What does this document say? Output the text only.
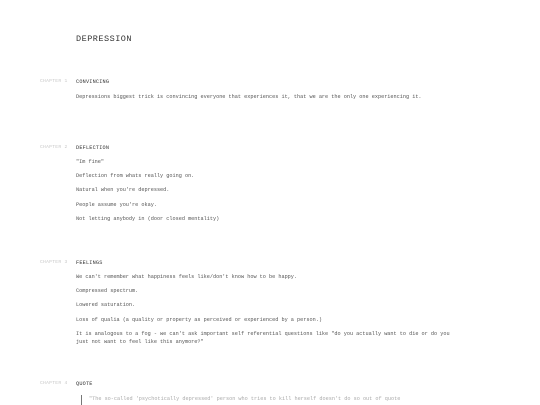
DEPRESSION
CHAPTER 1 CONVINCING

Depressions biggest trick is convincing everyone that experiences it, that we are the only one experiencing it.

CHAPTER 2 DEFLECTION

"Im fine"

Deflection from whats really going on.

Natural when you're depressed.

People assume you're okay.

Not letting anybody in (door closed mentality)

CHAPTER 3 FEELINGS

We can't remember what happiness feels like/don't know how to be happy.

Compressed spectrum.

Lowered saturation.

Loss of qualia (a quality or property as perceived or experienced by a person.)

It is analogous to a fog - we can't ask important self referential questions like "do you actually want to die or do you just not want to feel like this anymore?"

CHAPTER 4 QUOTE
"The so-called 'psychotically depressed' person who tries to kill herself doesn't do so out of quote
